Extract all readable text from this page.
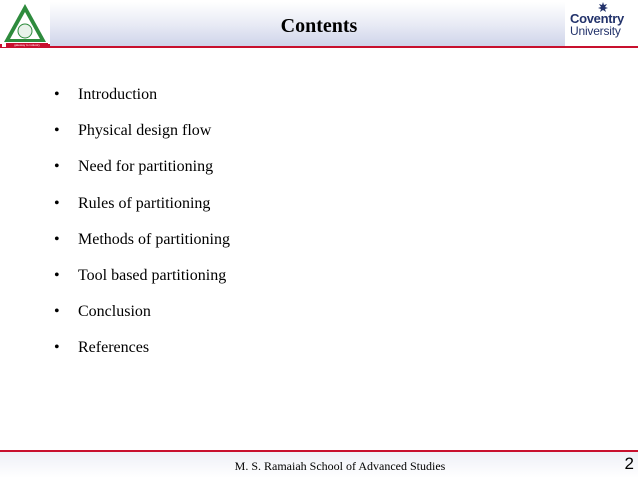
gateway to industry
Contents	Coventry
University
• Introduction
• Physical design flow
• Need for partitioning
• Rules of partitioning
• Methods of partitioning
• Tool based partitioning
• Conclusion
• References
M. S. Ramaiah School of Advanced Studies	2
